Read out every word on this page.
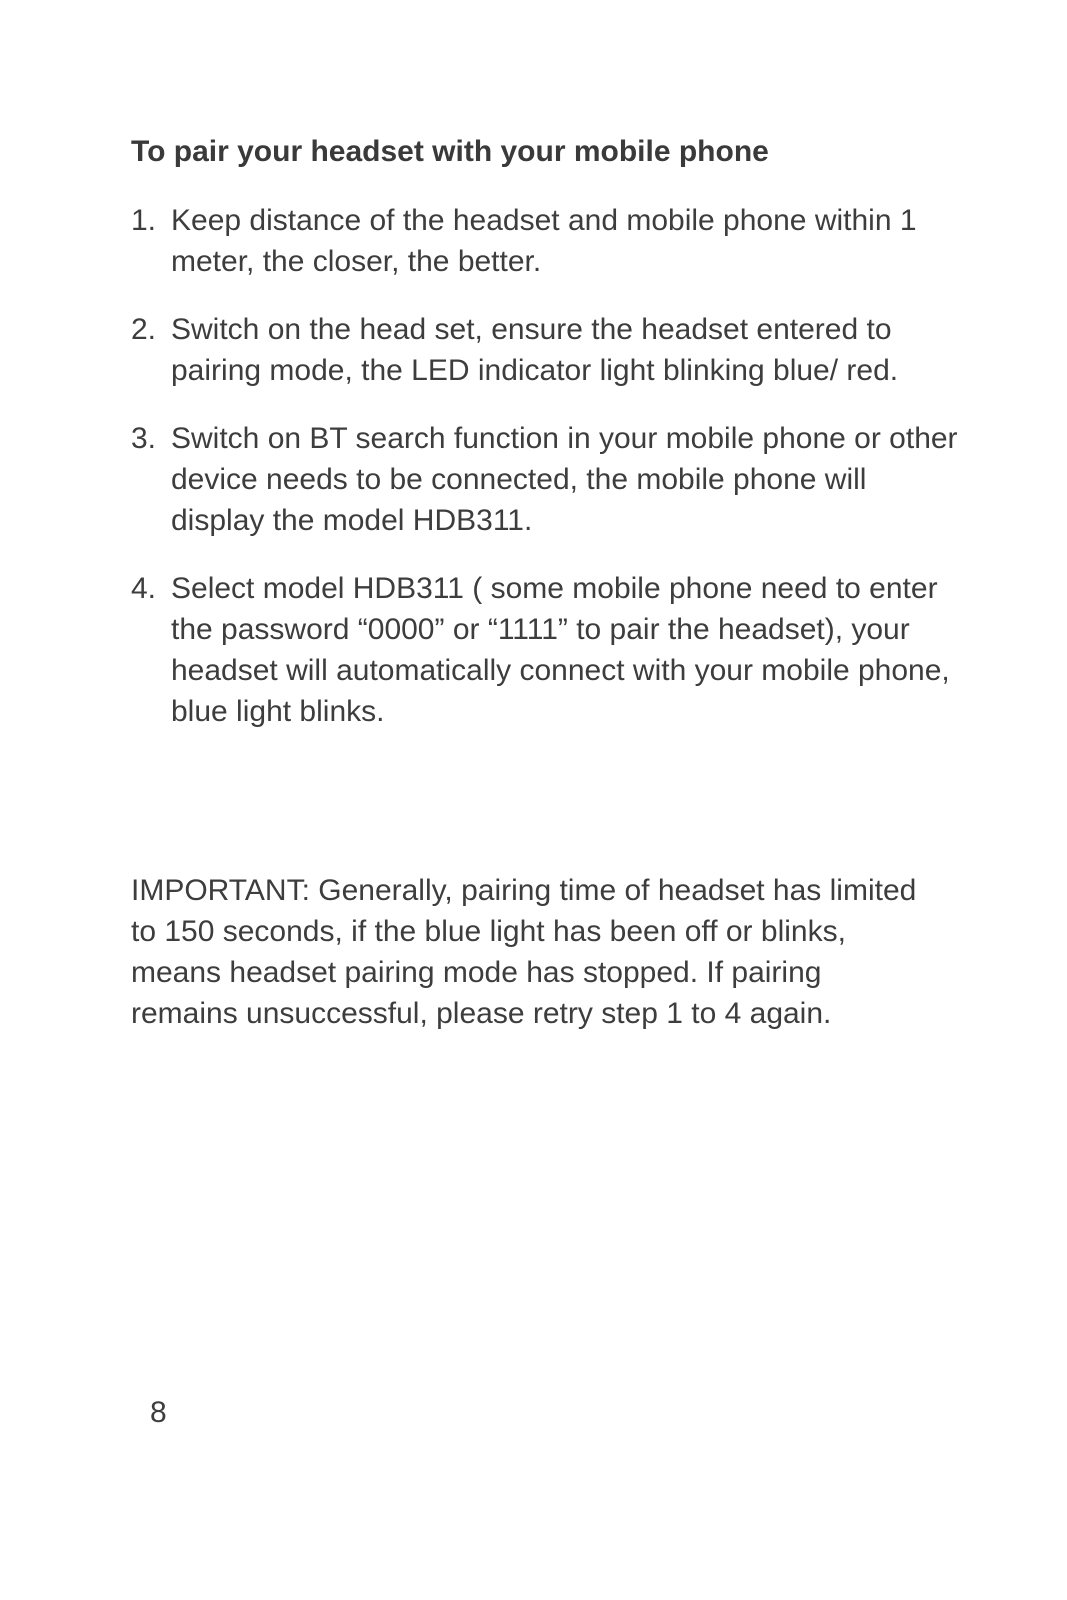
To pair your headset with your mobile phone
1. Keep distance of the headset and mobile phone within 1 meter, the closer, the better.
2. Switch on the head set, ensure the headset entered to pairing mode, the LED indicator light blinking blue/ red.
3. Switch on BT search function in your mobile phone or other device needs to be connected, the mobile phone will display the model HDB311.
4. Select model HDB311 ( some mobile phone need to enter the password “0000” or “1111” to pair the headset), your headset will automatically connect with your mobile phone, blue light blinks.

IMPORTANT: Generally, pairing time of headset has limited to 150 seconds, if the blue light has been off or blinks, means headset pairing mode has stopped. If pairing remains unsuccessful, please retry step 1 to 4 again.

8
